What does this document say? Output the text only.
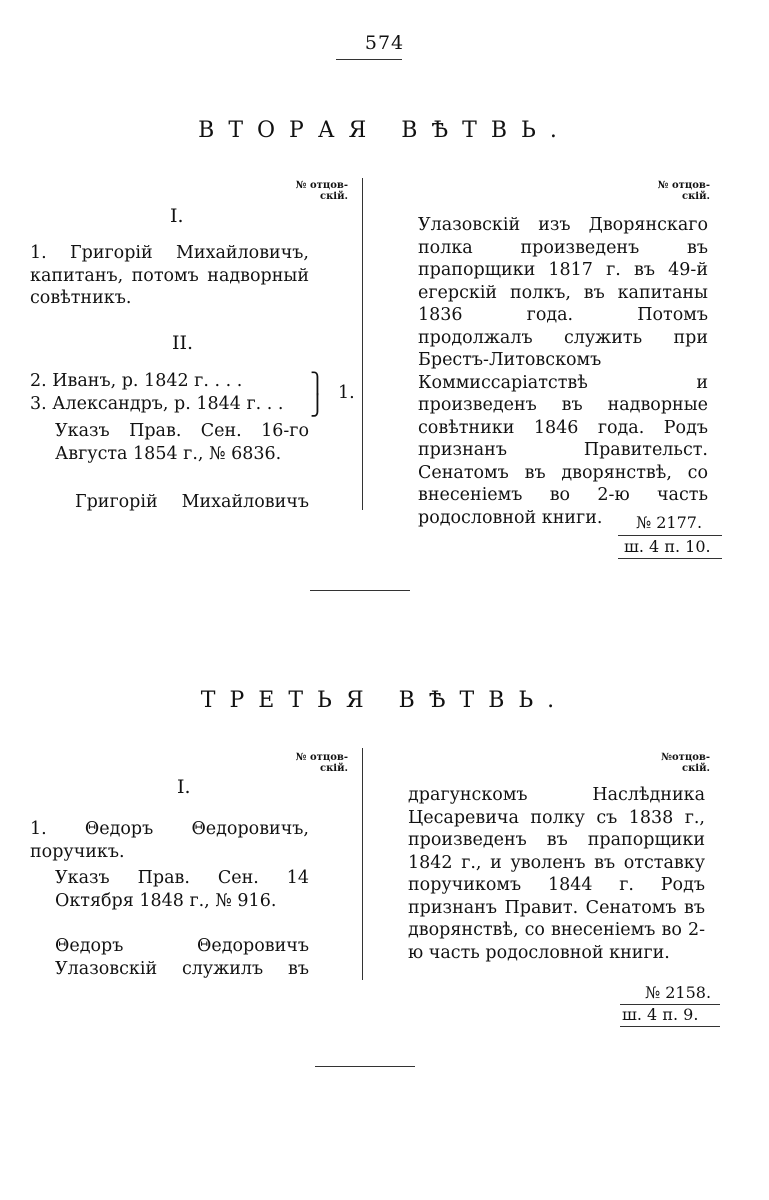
574
ВТОРАЯ ВѢТВЬ.
№ отцов-
скій.
№ отцов-
скій.
I.
1. Григорій Михайловичъ, капитанъ, потомъ надворный совѣтникъ.
II.
2. Иванъ, р. 1842 г. . . .
3. Александръ, р. 1844 г. . .
⎫
⎭ 1.
Указъ Прав. Сен. 16-го Августа 1854 г., № 6836.
Григорій Михайловичъ
Улазовскій изъ Дворянскаго полка произведенъ въ прапорщики 1817 г. въ 49-й егерскій полкъ, въ капитаны 1836 года. Потомъ продолжалъ служить при Брестъ-Литовскомъ Коммиссаріатствѣ и произведенъ въ надворные совѣтники 1846 года. Родъ признанъ Правительст. Сенатомъ въ дворянствѣ, со внесеніемъ во 2-ю часть родословной книги.	№ 2177.
ш. 4 п. 10.
ТРЕТЬЯ ВѢТВЬ.
№ отцов-
скій.
№отцов-
скій.
I.
1. Θедоръ Θедоровичъ, поручикъ.
Указъ Прав. Сен. 14 Октября 1848 г., № 916.
Θедоръ Θедоровичъ Улазовскій служилъ въ
драгунскомъ Наслѣдника Цесаревича полку съ 1838 г., произведенъ въ прапорщики 1842 г., и уволенъ въ отставку поручикомъ 1844 г. Родъ признанъ Правит. Сенатомъ въ дворянствѣ, со внесеніемъ во 2-ю часть родословной книги.
№ 2158.
ш. 4 п. 9.
